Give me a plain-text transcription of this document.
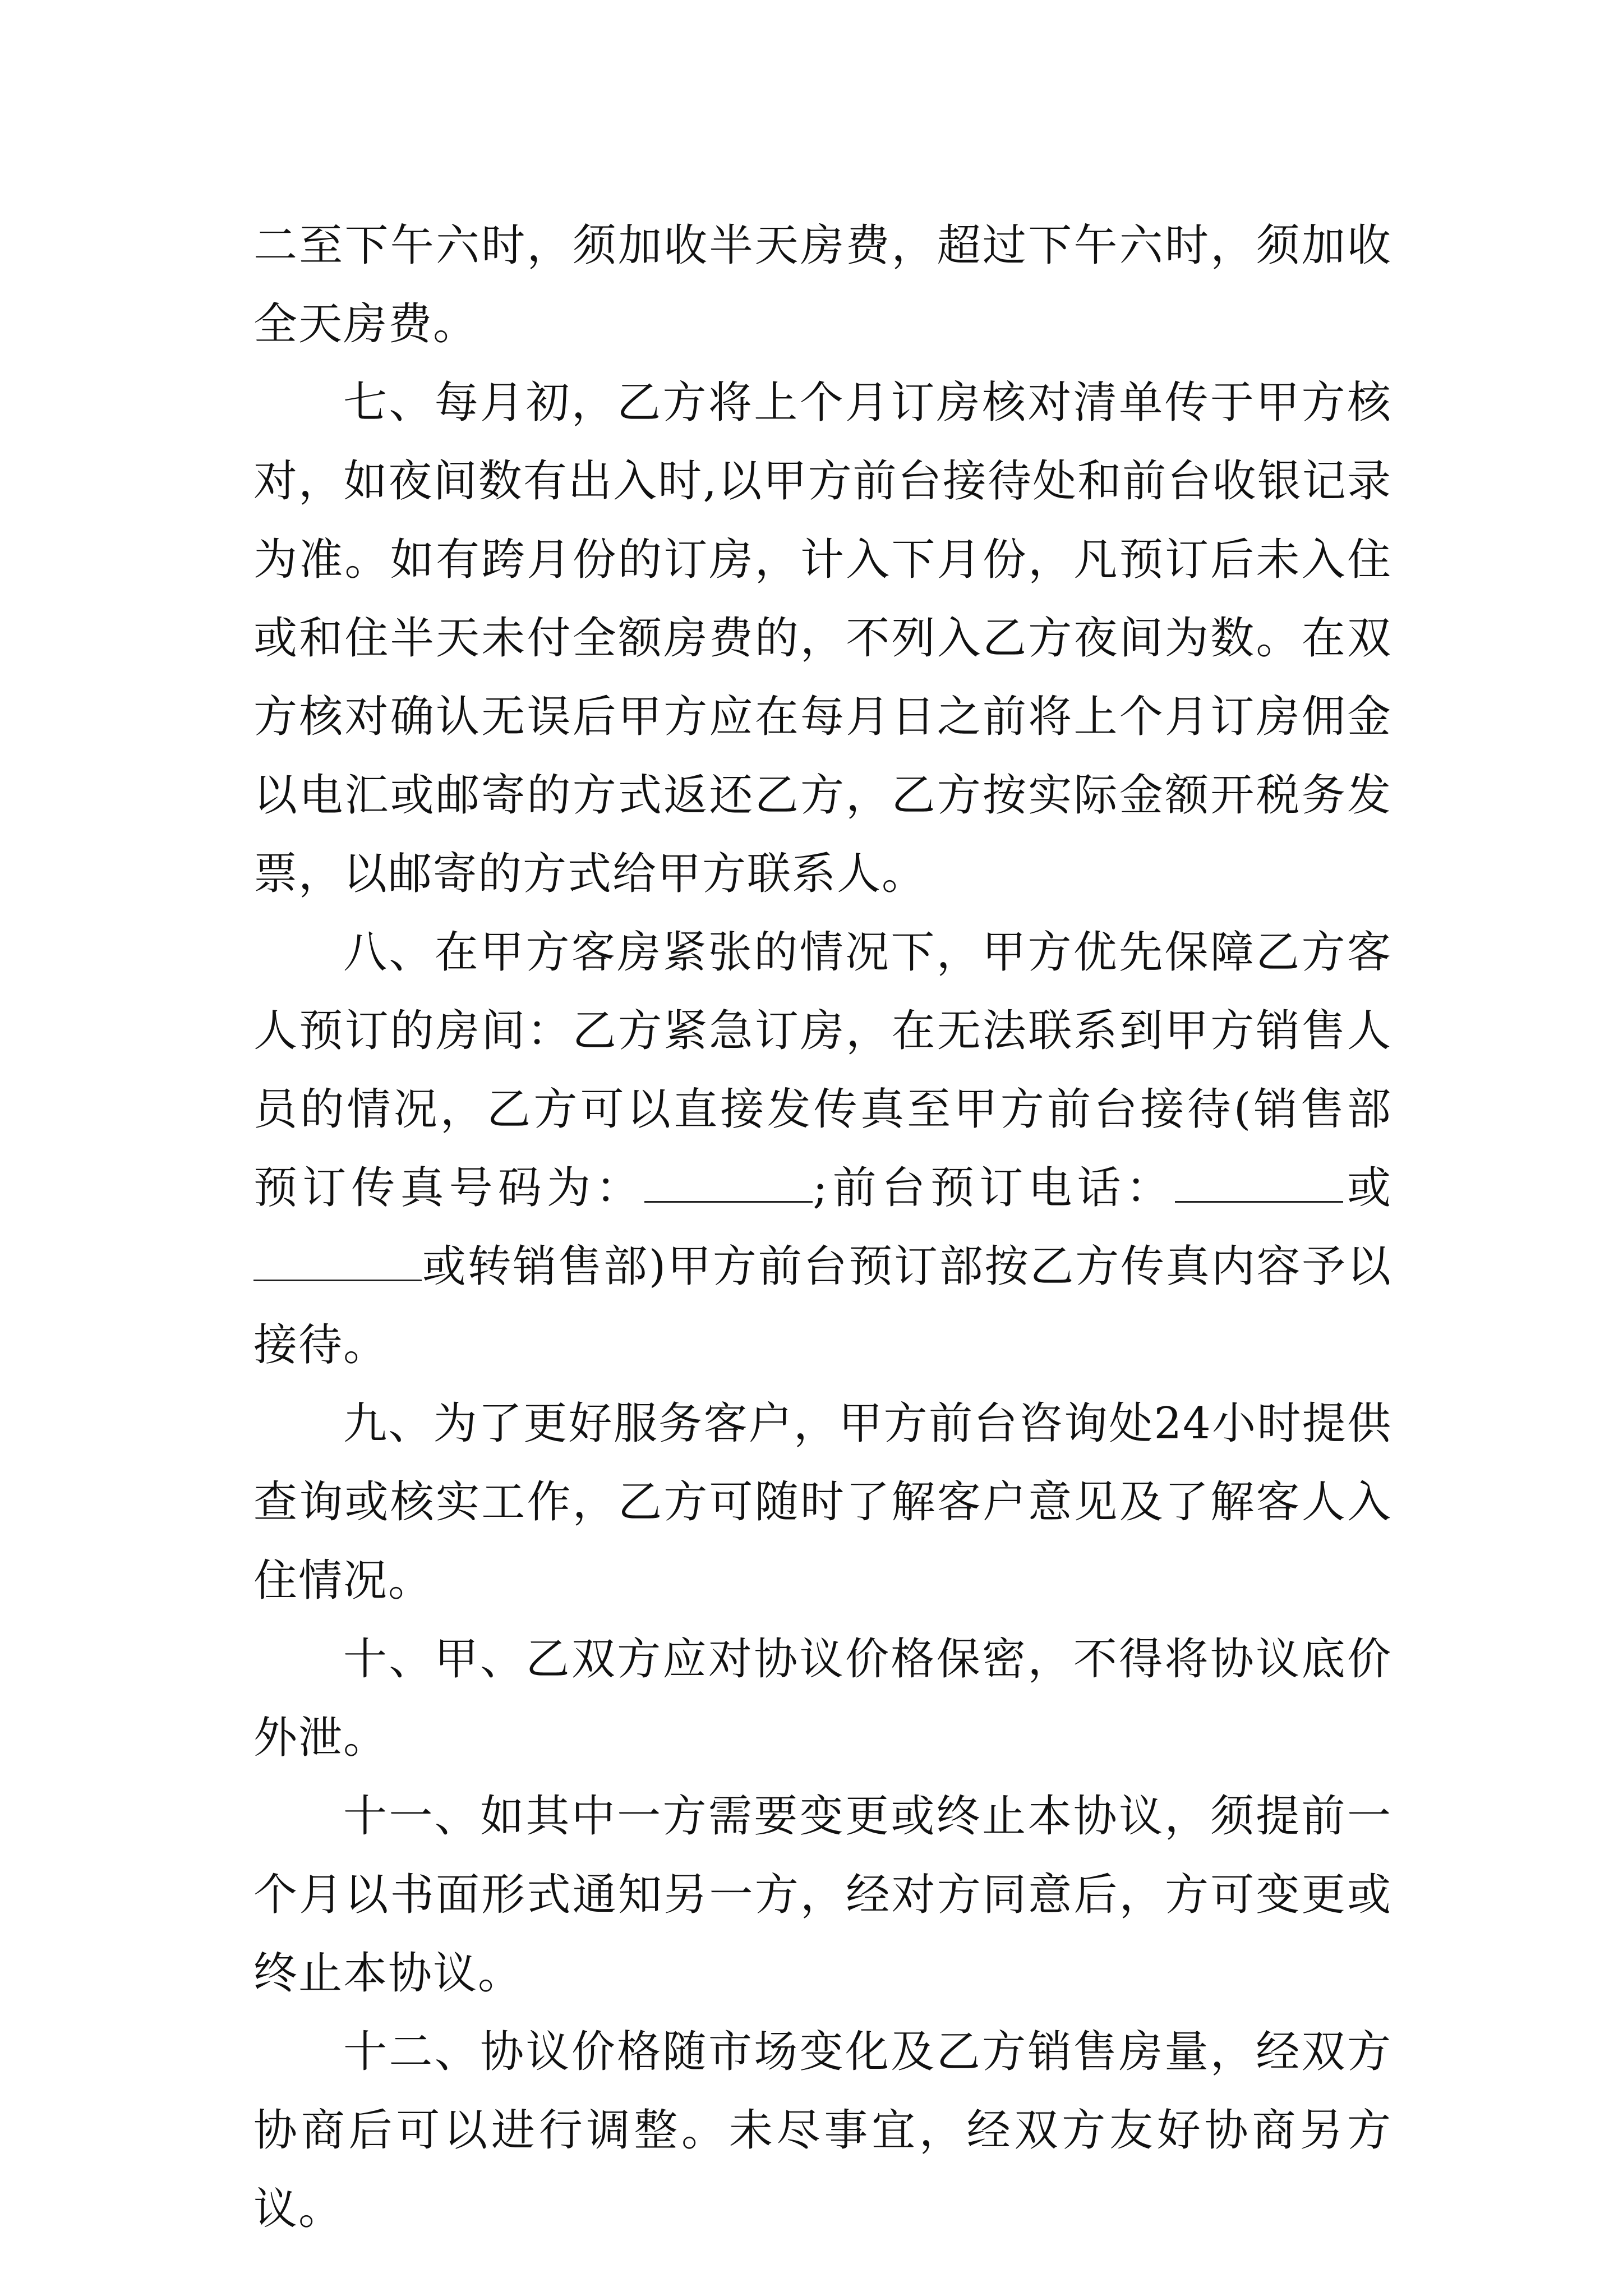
二至下午六时，须加收半天房费，超过下午六时，须加收全天房费。

七、每月初，乙方将上个月订房核对清单传于甲方核对，如夜间数有出入时,以甲方前台接待处和前台收银记录为准。如有跨月份的订房，计入下月份，凡预订后未入住或和住半天未付全额房费的，不列入乙方夜间为数。在双方核对确认无误后甲方应在每月日之前将上个月订房佣金以电汇或邮寄的方式返还乙方，乙方按实际金额开税务发票，以邮寄的方式给甲方联系人。

八、在甲方客房紧张的情况下，甲方优先保障乙方客人预订的房间：乙方紧急订房，在无法联系到甲方销售人员的情况，乙方可以直接发传真至甲方前台接待(销售部预订传真号码为：	;前台预订电话：	或或转销售部)甲方前台预订部按乙方传真内容予以接待。

九、为了更好服务客户，甲方前台咨询处24小时提供查询或核实工作，乙方可随时了解客户意见及了解客人入住情况。

十、甲、乙双方应对协议价格保密，不得将协议底价外泄。

十一、如其中一方需要变更或终止本协议，须提前一个月以书面形式通知另一方，经对方同意后，方可变更或终止本协议。

十二、协议价格随市场变化及乙方销售房量，经双方协商后可以进行调整。未尽事宜，经双方友好协商另方议。
